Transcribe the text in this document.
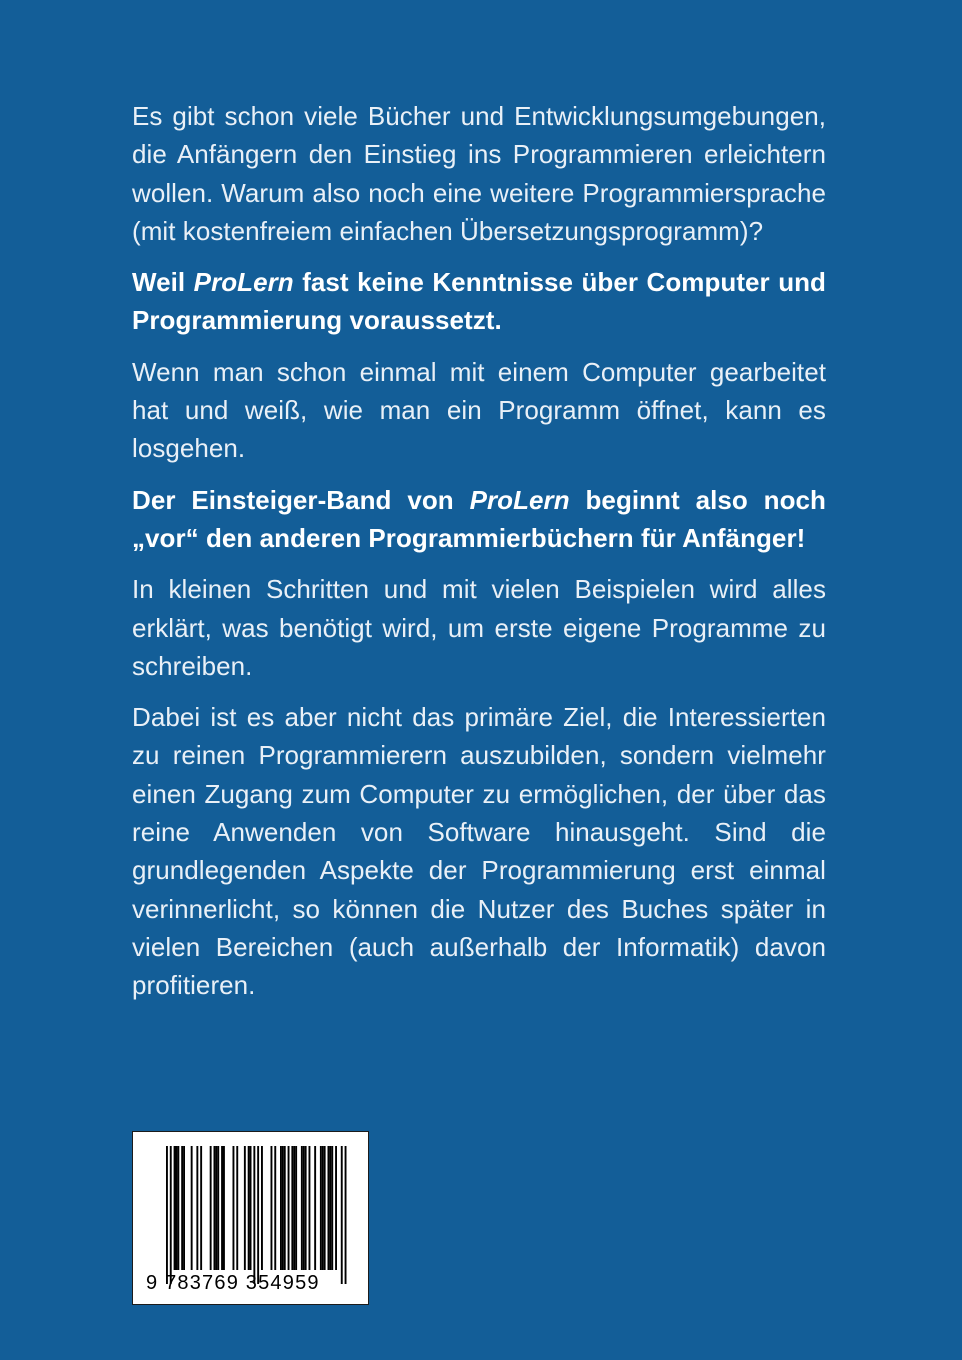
Es gibt schon viele Bücher und Entwicklungsumgebungen, die Anfängern den Einstieg ins Programmieren erleichtern wollen. Warum also noch eine weitere Programmiersprache (mit kostenfreiem einfachen Übersetzungsprogramm)?

Weil ProLern fast keine Kenntnisse über Computer und Programmierung voraussetzt.

Wenn man schon einmal mit einem Computer gearbeitet hat und weiß, wie man ein Programm öffnet, kann es losgehen.

Der Einsteiger-Band von ProLern beginnt also noch „vor“ den anderen Programmierbüchern für Anfänger!

In kleinen Schritten und mit vielen Beispielen wird alles erklärt, was benötigt wird, um erste eigene Programme zu schreiben.

Dabei ist es aber nicht das primäre Ziel, die Interessierten zu reinen Programmierern auszubilden, sondern vielmehr einen Zugang zum Computer zu ermöglichen, der über das reine Anwenden von Software hinausgeht. Sind die grundlegenden Aspekte der Programmierung erst einmal verinnerlicht, so können die Nutzer des Buches später in vielen Bereichen (auch außerhalb der Informatik) davon profitieren.

9 783769 354959
